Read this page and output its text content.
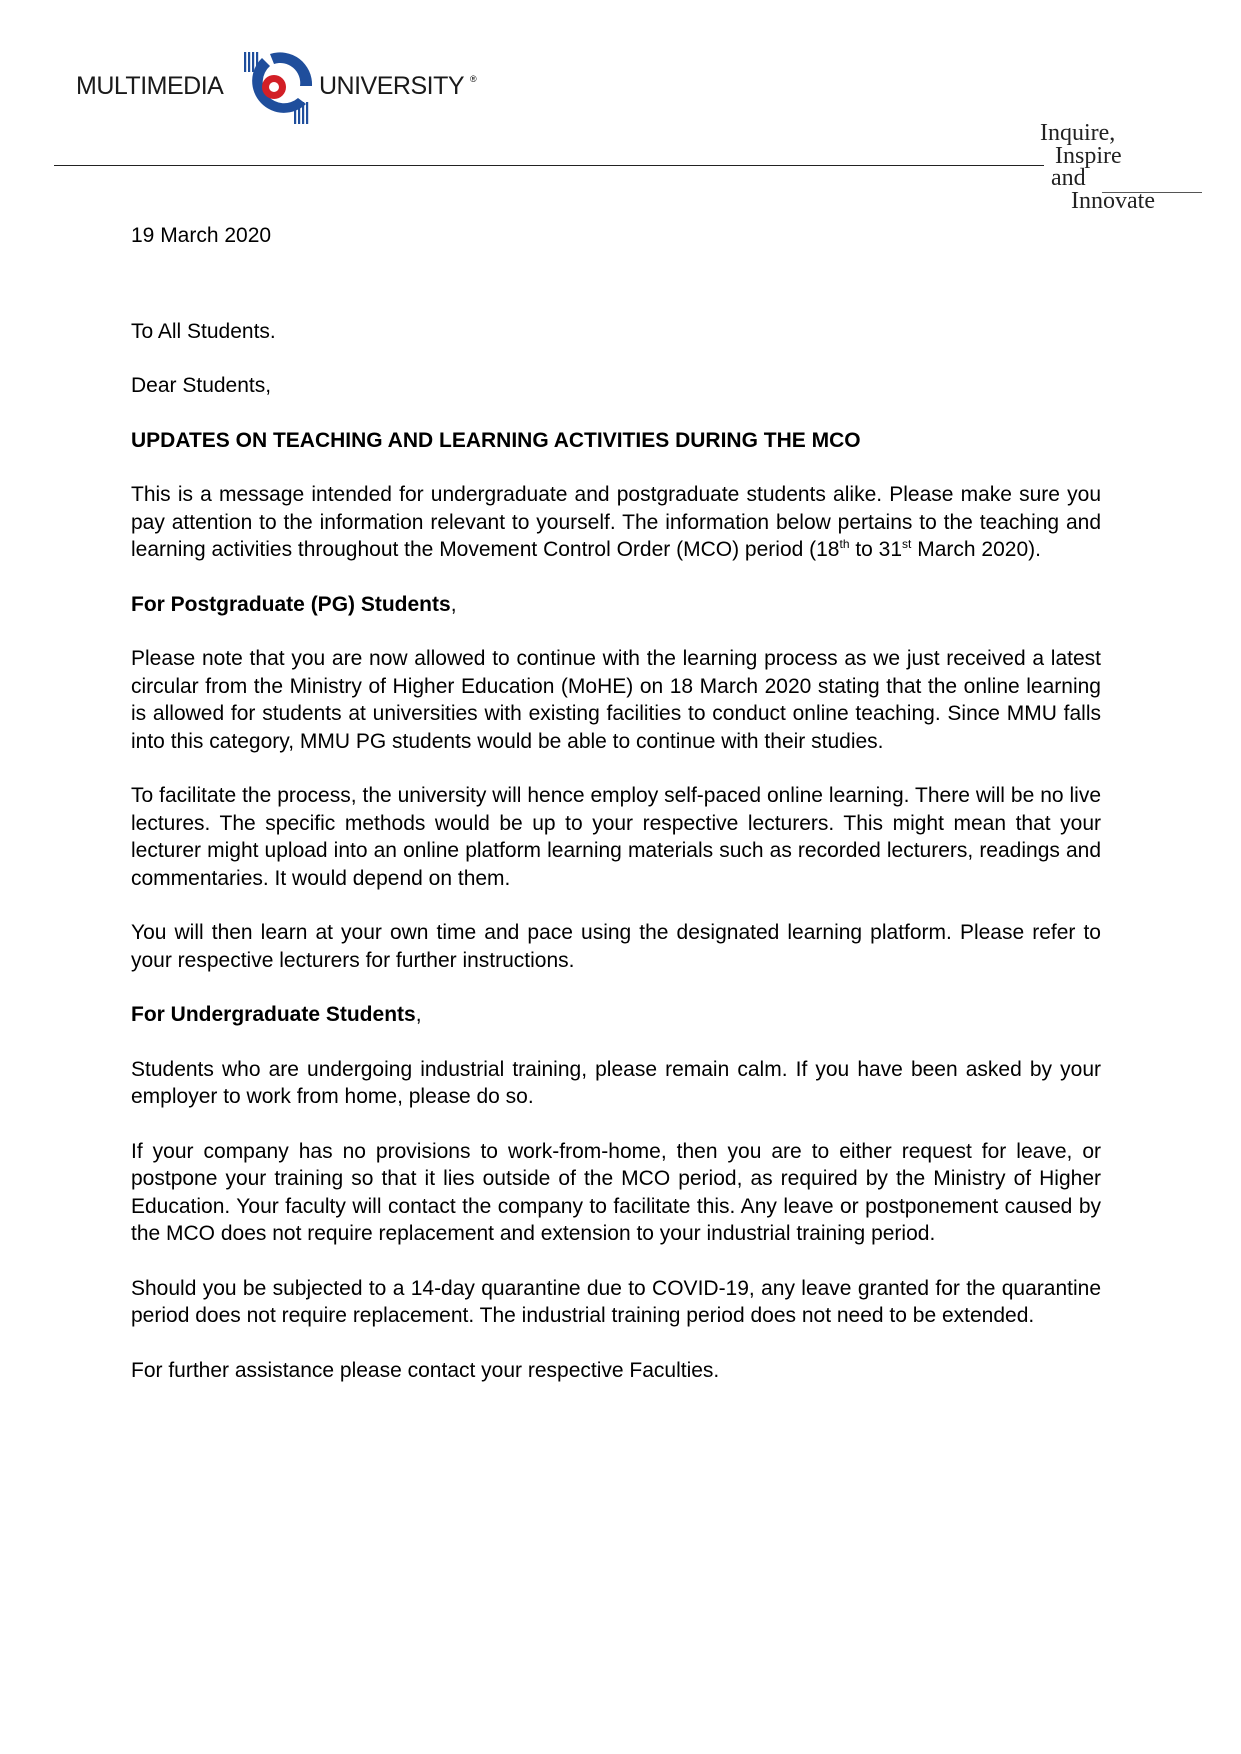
MULTIMEDIA	UNIVERSITY ®
Inquire,
Inspire
and
Innovate

19 March 2020

To All Students.

Dear Students,

UPDATES ON TEACHING AND LEARNING ACTIVITIES DURING THE MCO

This is a message intended for undergraduate and postgraduate students alike. Please make sure you pay attention to the information relevant to yourself. The information below pertains to the teaching and learning activities throughout the Movement Control Order (MCO) period (18th to 31st March 2020).

For Postgraduate (PG) Students,

Please note that you are now allowed to continue with the learning process as we just received a latest circular from the Ministry of Higher Education (MoHE) on 18 March 2020 stating that the online learning is allowed for students at universities with existing facilities to conduct online teaching. Since MMU falls into this category, MMU PG students would be able to continue with their studies.

To facilitate the process, the university will hence employ self-paced online learning. There will be no live lectures. The specific methods would be up to your respective lecturers. This might mean that your lecturer might upload into an online platform learning materials such as recorded lecturers, readings and commentaries. It would depend on them.

You will then learn at your own time and pace using the designated learning platform. Please refer to your respective lecturers for further instructions.

For Undergraduate Students,

Students who are undergoing industrial training, please remain calm. If you have been asked by your employer to work from home, please do so.

If your company has no provisions to work-from-home, then you are to either request for leave, or postpone your training so that it lies outside of the MCO period, as required by the Ministry of Higher Education. Your faculty will contact the company to facilitate this. Any leave or postponement caused by the MCO does not require replacement and extension to your industrial training period.

Should you be subjected to a 14-day quarantine due to COVID-19, any leave granted for the quarantine period does not require replacement. The industrial training period does not need to be extended.

For further assistance please contact your respective Faculties.
